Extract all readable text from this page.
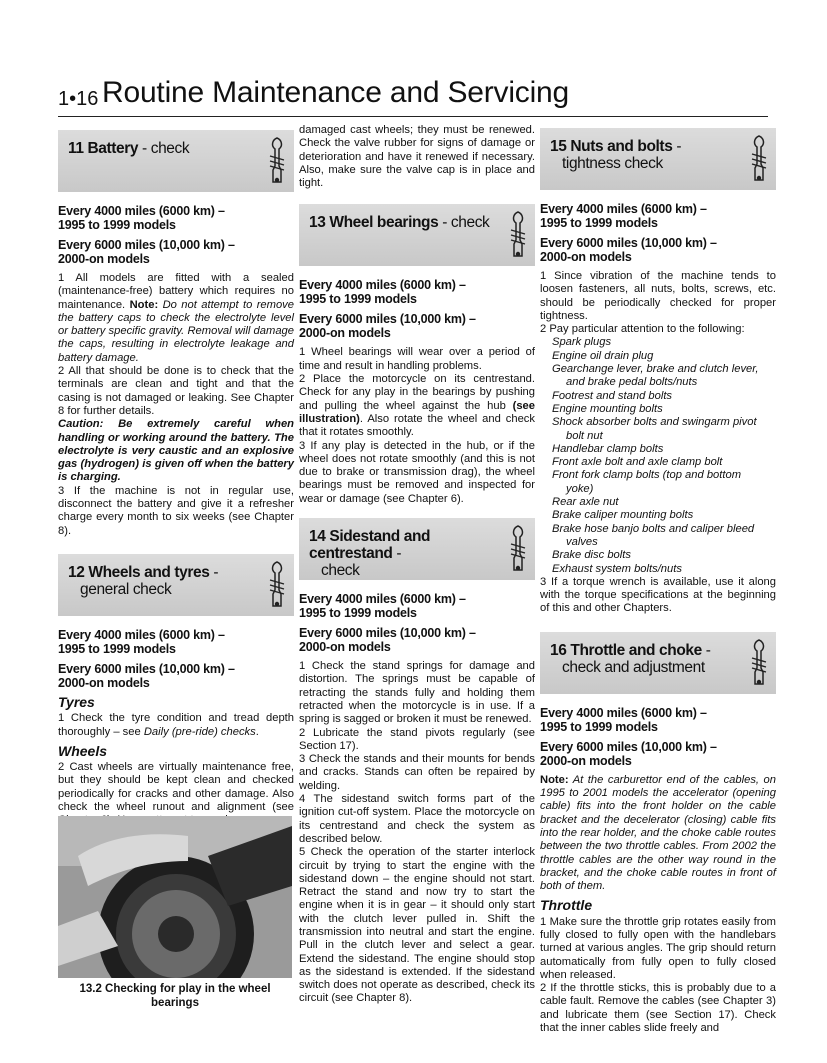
1•16 Routine Maintenance and Servicing
11 Battery - check
Every 4000 miles (6000 km) –
1995 to 1999 models
Every 6000 miles (10,000 km) –
2000-on models

1 All models are fitted with a sealed (maintenance-free) battery which requires no maintenance. Note: Do not attempt to remove the battery caps to check the electrolyte level or battery specific gravity. Removal will damage the caps, resulting in electrolyte leakage and battery damage.

2 All that should be done is to check that the terminals are clean and tight and that the casing is not damaged or leaking. See Chapter 8 for further details.

Caution: Be extremely careful when handling or working around the battery. The electrolyte is very caustic and an explosive gas (hydrogen) is given off when the battery is charging.

3 If the machine is not in regular use, disconnect the battery and give it a refresher charge every month to six weeks (see Chapter 8).

12 Wheels and tyres -
general check
Every 4000 miles (6000 km) –
1995 to 1999 models
Every 6000 miles (10,000 km) –
2000-on models
Tyres

1 Check the tyre condition and tread depth thoroughly – see Daily (pre-ride) checks.

Wheels

2 Cast wheels are virtually maintenance free, but they should be kept clean and checked periodically for cracks and other damage. Also check the wheel runout and alignment (see

13.2 Checking for play in the wheel bearings

damaged cast wheels; they must be renewed. Check the valve rubber for signs of damage or deterioration and have it renewed if necessary. Also, make sure the valve cap is in place and tight.

13 Wheel bearings - check
Every 4000 miles (6000 km) –
1995 to 1999 models
Every 6000 miles (10,000 km) –
2000-on models

1 Wheel bearings will wear over a period of time and result in handling problems.

2 Place the motorcycle on its centrestand. Check for any play in the bearings by pushing and pulling the wheel against the hub (see illustration). Also rotate the wheel and check that it rotates smoothly.

3 If any play is detected in the hub, or if the wheel does not rotate smoothly (and this is not due to brake or transmission drag), the wheel bearings must be removed and inspected for wear or damage (see Chapter 6).

14 Sidestand and centrestand -
check
Every 4000 miles (6000 km) –
1995 to 1999 models
Every 6000 miles (10,000 km) –
2000-on models

1 Check the stand springs for damage and distortion. The springs must be capable of retracting the stands fully and holding them retracted when the motorcycle is in use. If a spring is sagged or broken it must be renewed.

2 Lubricate the stand pivots regularly (see Section 17).

3 Check the stands and their mounts for bends and cracks. Stands can often be repaired by welding.

4 The sidestand switch forms part of the ignition cut-off system. Place the motorcycle on its centrestand and check the system as described below.

5 Check the operation of the starter interlock circuit by trying to start the engine with the sidestand down – the engine should not start. Retract the stand and now try to start the engine when it is in gear – it should only start with the clutch lever pulled in. Shift the transmission into neutral and start the engine. Pull in the clutch lever and select a gear. Extend the sidestand. The engine should stop as the sidestand is extended. If the sidestand switch does not operate as described, check its circuit (see Chapter 8).

15 Nuts and bolts -
tightness check
Every 4000 miles (6000 km) –
1995 to 1999 models
Every 6000 miles (10,000 km) –
2000-on models

1 Since vibration of the machine tends to loosen fasteners, all nuts, bolts, screws, etc. should be periodically checked for proper tightness.

2 Pay particular attention to the following:

Spark plugs
Engine oil drain plug
Gearchange lever, brake and clutch lever,
and brake pedal bolts/nuts
Footrest and stand bolts
Engine mounting bolts
Shock absorber bolts and swingarm pivot
bolt nut
Handlebar clamp bolts
Front axle bolt and axle clamp bolt
Front fork clamp bolts (top and bottom
yoke)
Rear axle nut
Brake caliper mounting bolts
Brake hose banjo bolts and caliper bleed
valves
Brake disc bolts
Exhaust system bolts/nuts

3 If a torque wrench is available, use it along with the torque specifications at the beginning of this and other Chapters.

16 Throttle and choke -
check and adjustment
Every 4000 miles (6000 km) –
1995 to 1999 models
Every 6000 miles (10,000 km) –
2000-on models

Note: At the carburettor end of the cables, on 1995 to 2001 models the accelerator (opening cable) fits into the front holder on the cable bracket and the decelerator (closing) cable fits into the rear holder, and the choke cable routes between the two throttle cables. From 2002 the throttle cables are the other way round in the bracket, and the choke cable routes in front of both of them.

Throttle

1 Make sure the throttle grip rotates easily from fully closed to fully open with the handlebars turned at various angles. The grip should return automatically from fully open to fully closed when released.

2 If the throttle sticks, this is probably due to a cable fault. Remove the cables (see Chapter 3) and lubricate them (see Section 17). Check that the inner cables slide freely and
